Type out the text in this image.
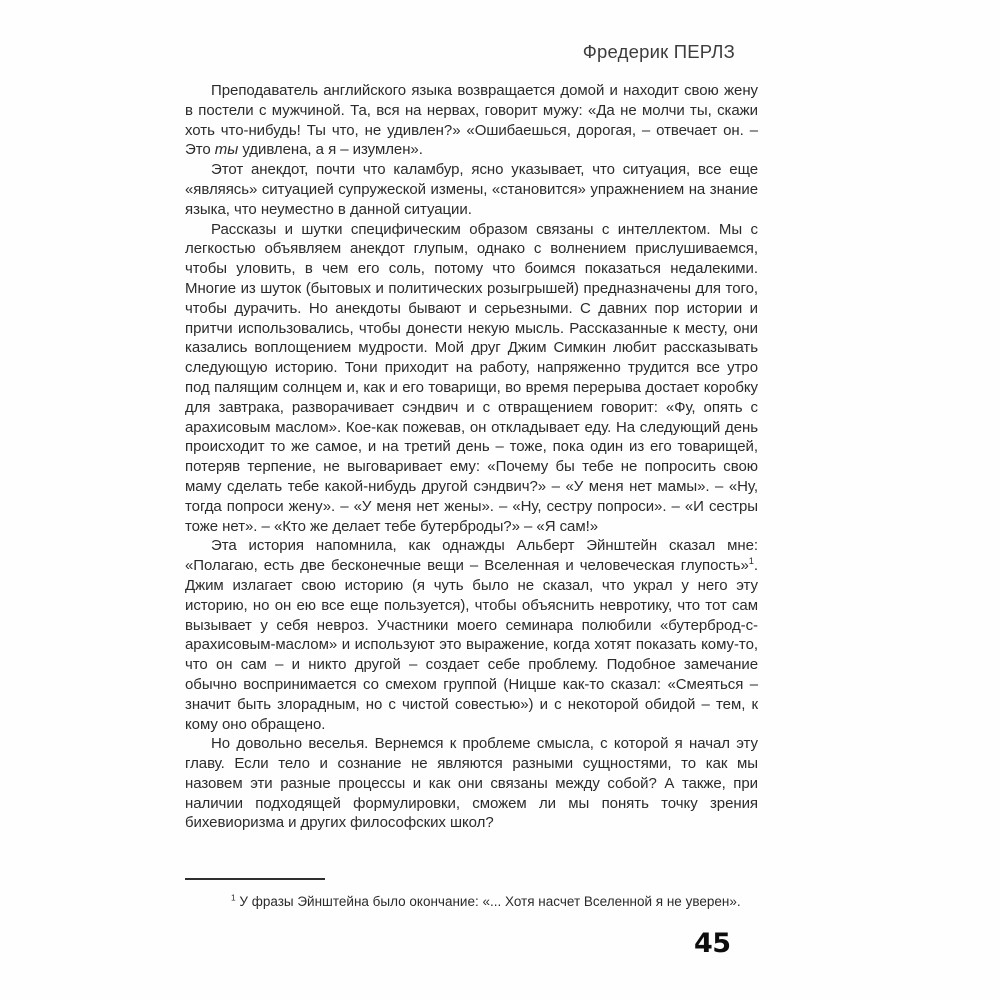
Фредерик ПЕРЛЗ

Преподаватель английского языка возвращается домой и находит свою жену в постели с мужчиной. Та, вся на нервах, говорит мужу: «Да не молчи ты, скажи хоть что-нибудь! Ты что, не удивлен?» «Ошибаешься, дорогая, – отвечает он. – Это ты удивлена, а я – изумлен».

Этот анекдот, почти что каламбур, ясно указывает, что ситуация, все еще «являясь» ситуацией супружеской измены, «становится» упражнением на знание языка, что неуместно в данной ситуации.

Рассказы и шутки специфическим образом связаны с интеллектом. Мы с легкостью объявляем анекдот глупым, однако с волнением прислушиваемся, чтобы уловить, в чем его соль, потому что боимся показаться недалекими. Многие из шуток (бытовых и политических розыгрышей) предназначены для того, чтобы дурачить. Но анекдоты бывают и серьезными. С давних пор истории и притчи использовались, чтобы донести некую мысль. Рассказанные к месту, они казались воплощением мудрости. Мой друг Джим Симкин любит рассказывать следующую историю. Тони приходит на работу, напряженно трудится все утро под палящим солнцем и, как и его товарищи, во время перерыва достает коробку для завтрака, разворачивает сэндвич и с отвращением говорит: «Фу, опять с арахисовым маслом». Кое-как пожевав, он откладывает еду. На следующий день происходит то же самое, и на третий день – тоже, пока один из его товарищей, потеряв терпение, не выговаривает ему: «Почему бы тебе не попросить свою маму сделать тебе какой-нибудь другой сэндвич?» – «У меня нет мамы». – «Ну, тогда попроси жену». – «У меня нет жены». – «Ну, сестру попроси». – «И сестры тоже нет». – «Кто же делает тебе бутерброды?» – «Я сам!»

Эта история напомнила, как однажды Альберт Эйнштейн сказал мне: «Полагаю, есть две бесконечные вещи – Вселенная и человеческая глупость»$^1$. Джим излагает свою историю (я чуть было не сказал, что украл у него эту историю, но он ею все еще пользуется), чтобы объяснить невротику, что тот сам вызывает у себя невроз. Участники моего семинара полюбили «бутерброд-с-арахисовым-маслом» и используют это выражение, когда хотят показать кому-то, что он сам – и никто другой – создает себе проблему. Подобное замечание обычно воспринимается со смехом группой (Ницше как-то сказал: «Смеяться – значит быть злорадным, но с чистой совестью») и с некоторой обидой – тем, к кому оно обращено.

Но довольно веселья. Вернемся к проблеме смысла, с которой я начал эту главу. Если тело и сознание не являются разными сущностями, то как мы назовем эти разные процессы и как они связаны между собой? А также, при наличии подходящей формулировки, сможем ли мы понять точку зрения бихевиоризма и других философских школ?

$^1$ У фразы Эйнштейна было окончание: «... Хотя насчет Вселенной я не уверен».
45
